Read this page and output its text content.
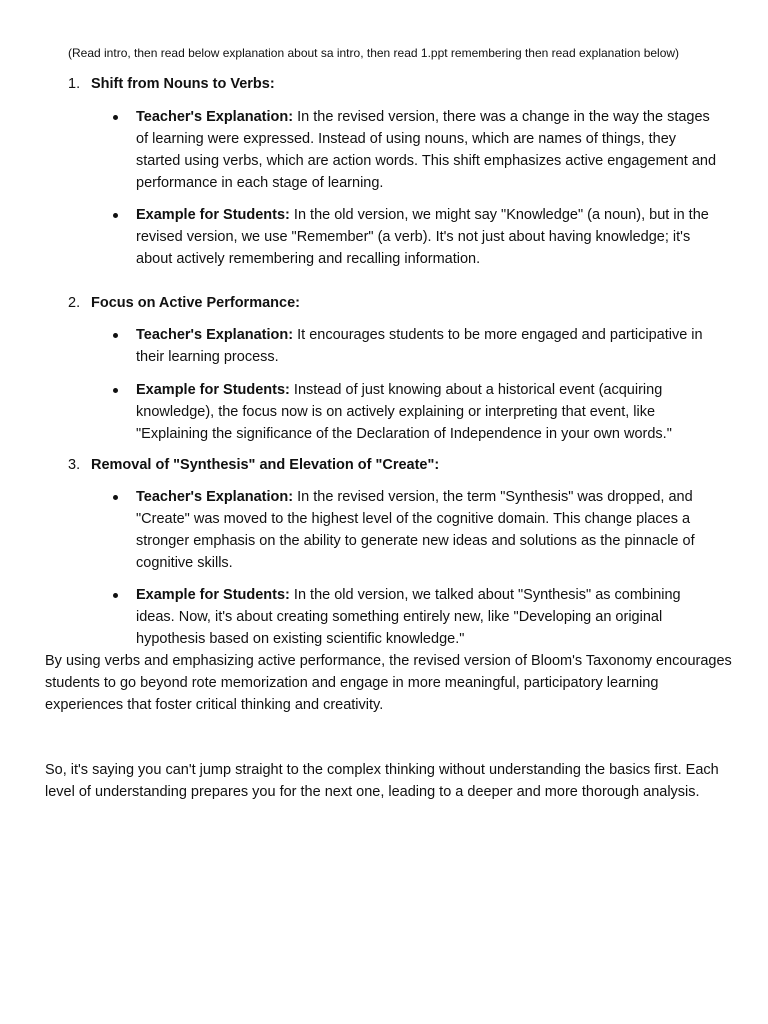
(Read intro, then read below explanation about sa intro, then read 1.ppt remembering then read explanation below)
1. Shift from Nouns to Verbs:
Teacher's Explanation: In the revised version, there was a change in the way the stages of learning were expressed. Instead of using nouns, which are names of things, they started using verbs, which are action words. This shift emphasizes active engagement and performance in each stage of learning.
Example for Students: In the old version, we might say "Knowledge" (a noun), but in the revised version, we use "Remember" (a verb). It's not just about having knowledge; it's about actively remembering and recalling information.
2. Focus on Active Performance:
Teacher's Explanation: It encourages students to be more engaged and participative in their learning process.
Example for Students: Instead of just knowing about a historical event (acquiring knowledge), the focus now is on actively explaining or interpreting that event, like "Explaining the significance of the Declaration of Independence in your own words."
3. Removal of "Synthesis" and Elevation of "Create":
Teacher's Explanation: In the revised version, the term "Synthesis" was dropped, and "Create" was moved to the highest level of the cognitive domain. This change places a stronger emphasis on the ability to generate new ideas and solutions as the pinnacle of cognitive skills.
Example for Students: In the old version, we talked about "Synthesis" as combining ideas. Now, it's about creating something entirely new, like "Developing an original hypothesis based on existing scientific knowledge."

By using verbs and emphasizing active performance, the revised version of Bloom's Taxonomy encourages students to go beyond rote memorization and engage in more meaningful, participatory learning experiences that foster critical thinking and creativity.

So, it's saying you can't jump straight to the complex thinking without understanding the basics first. Each level of understanding prepares you for the next one, leading to a deeper and more thorough analysis.
